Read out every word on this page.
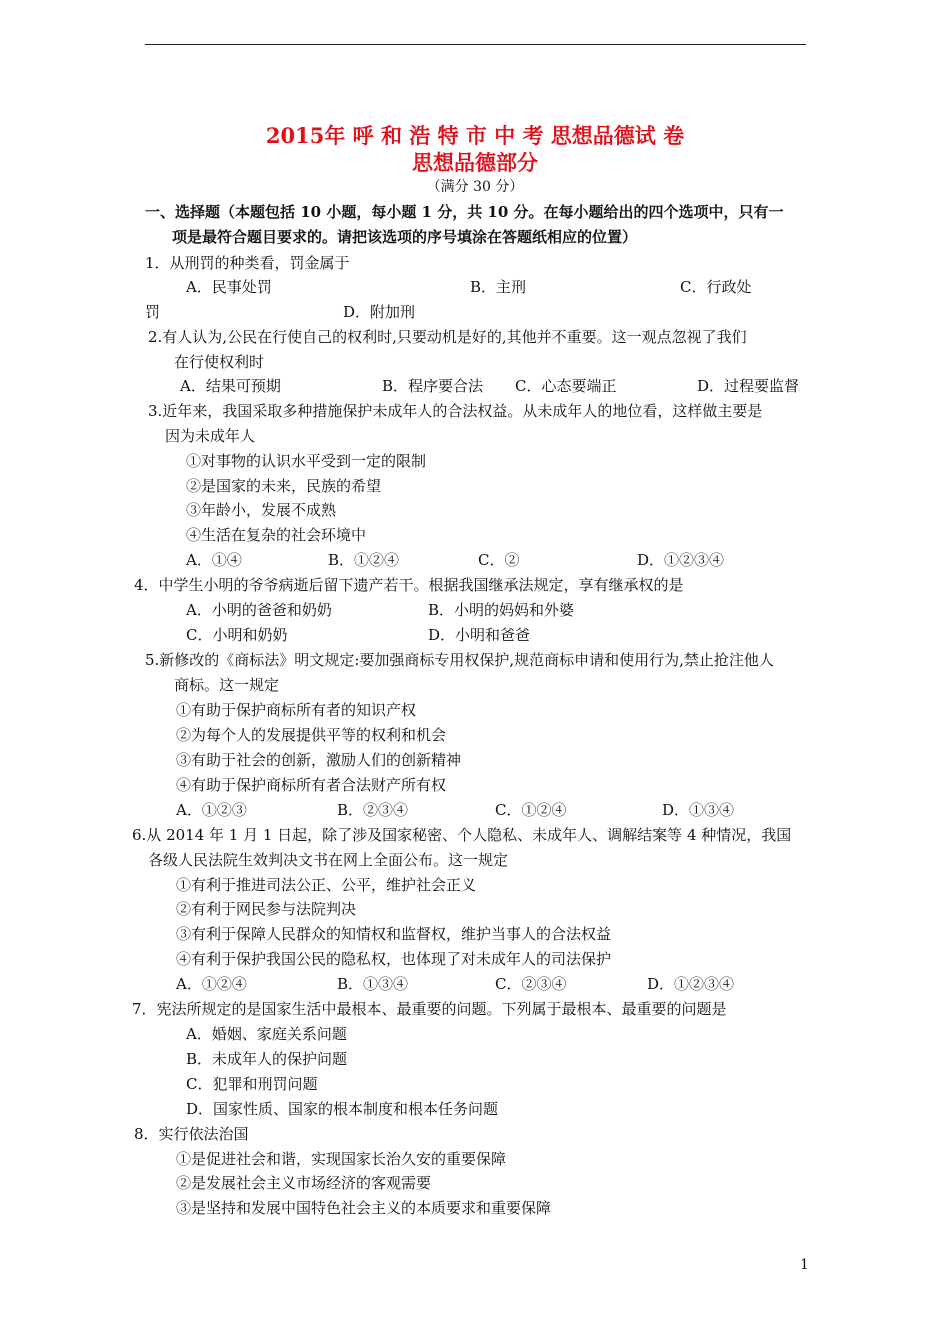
2015年 呼 和 浩 特 市 中 考 思想品德试 卷
思想品德部分
（满分 30 分）
一、选择题（本题包括 10 小题，每小题 1 分，共 10 分。在每小题给出的四个选项中，只有一
项是最符合题目要求的。请把该选项的序号填涂在答题纸相应的位置）
1．从刑罚的种类看，罚金属于
A．民事处罚	B．主刑	C．行政处
罚	D．附加刑
2.有人认为,公民在行使自己的权利时,只要动机是好的,其他并不重要。这一观点忽视了我们
在行使权利时
A．结果可预期	B．程序要合法 C．心态要端正	D．过程要监督
3.近年来，我国采取多种措施保护未成年人的合法权益。从未成年人的地位看，这样做主要是
因为未成年人
①对事物的认识水平受到一定的限制
②是国家的未来，民族的希望
③年龄小，发展不成熟
④生活在复杂的社会环境中
A．①④	B．①②④	C．②	D．①②③④
4．中学生小明的爷爷病逝后留下遗产若干。根据我国继承法规定，享有继承权的是
A．小明的爸爸和奶奶	B．小明的妈妈和外婆
C．小明和奶奶	D．小明和爸爸
5.新修改的《商标法》明文规定:要加强商标专用权保护,规范商标申请和使用行为,禁止抢注他人
商标。这一规定
①有助于保护商标所有者的知识产权
②为每个人的发展提供平等的权利和机会
③有助于社会的创新，激励人们的创新精神
④有助于保护商标所有者合法财产所有权
A．①②③	B．②③④	C．①②④	D．①③④
6.从 2014 年 1 月 1 日起，除了涉及国家秘密、个人隐私、未成年人、调解结案等 4 种情况，我国
各级人民法院生效判决文书在网上全面公布。这一规定
①有利于推进司法公正、公平，维护社会正义
②有利于网民参与法院判决
③有利于保障人民群众的知情权和监督权，维护当事人的合法权益
④有利于保护我国公民的隐私权，也体现了对未成年人的司法保护
A．①②④	B．①③④	C．②③④	D．①②③④
7．宪法所规定的是国家生活中最根本、最重要的问题。下列属于最根本、最重要的问题是
A．婚姻、家庭关系问题
B．未成年人的保护问题
C．犯罪和刑罚问题
D．国家性质、国家的根本制度和根本任务问题
8．实行依法治国
①是促进社会和谐，实现国家长治久安的重要保障
②是发展社会主义市场经济的客观需要
③是坚持和发展中国特色社会主义的本质要求和重要保障
1
